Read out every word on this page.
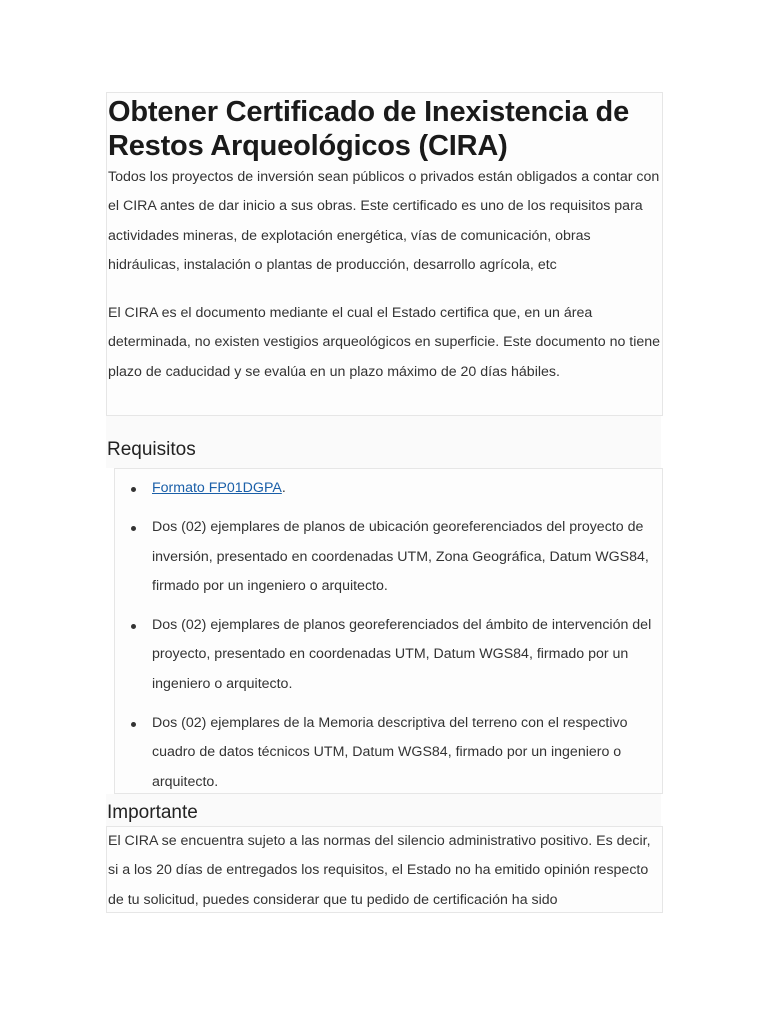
Obtener Certificado de Inexistencia de Restos Arqueológicos (CIRA)

Todos los proyectos de inversión sean públicos o privados están obligados a contar con el CIRA antes de dar inicio a sus obras. Este certificado es uno de los requisitos para actividades mineras, de explotación energética, vías de comunicación, obras hidráulicas, instalación o plantas de producción, desarrollo agrícola, etc

El CIRA es el documento mediante el cual el Estado certifica que, en un área determinada, no existen vestigios arqueológicos en superficie. Este documento no tiene plazo de caducidad y se evalúa en un plazo máximo de 20 días hábiles.

Requisitos
Formato FP01DGPA.
Dos (02) ejemplares de planos de ubicación georeferenciados del proyecto de inversión, presentado en coordenadas UTM, Zona Geográfica, Datum WGS84, firmado por un ingeniero o arquitecto.
Dos (02) ejemplares de planos georeferenciados del ámbito de intervención del proyecto, presentado en coordenadas UTM, Datum WGS84, firmado por un ingeniero o arquitecto.
Dos (02) ejemplares de la Memoria descriptiva del terreno con el respectivo cuadro de datos técnicos UTM, Datum WGS84, firmado por un ingeniero o arquitecto.
Importante

El CIRA se encuentra sujeto a las normas del silencio administrativo positivo. Es decir, si a los 20 días de entregados los requisitos, el Estado no ha emitido opinión respecto de tu solicitud, puedes considerar que tu pedido de certificación ha sido
